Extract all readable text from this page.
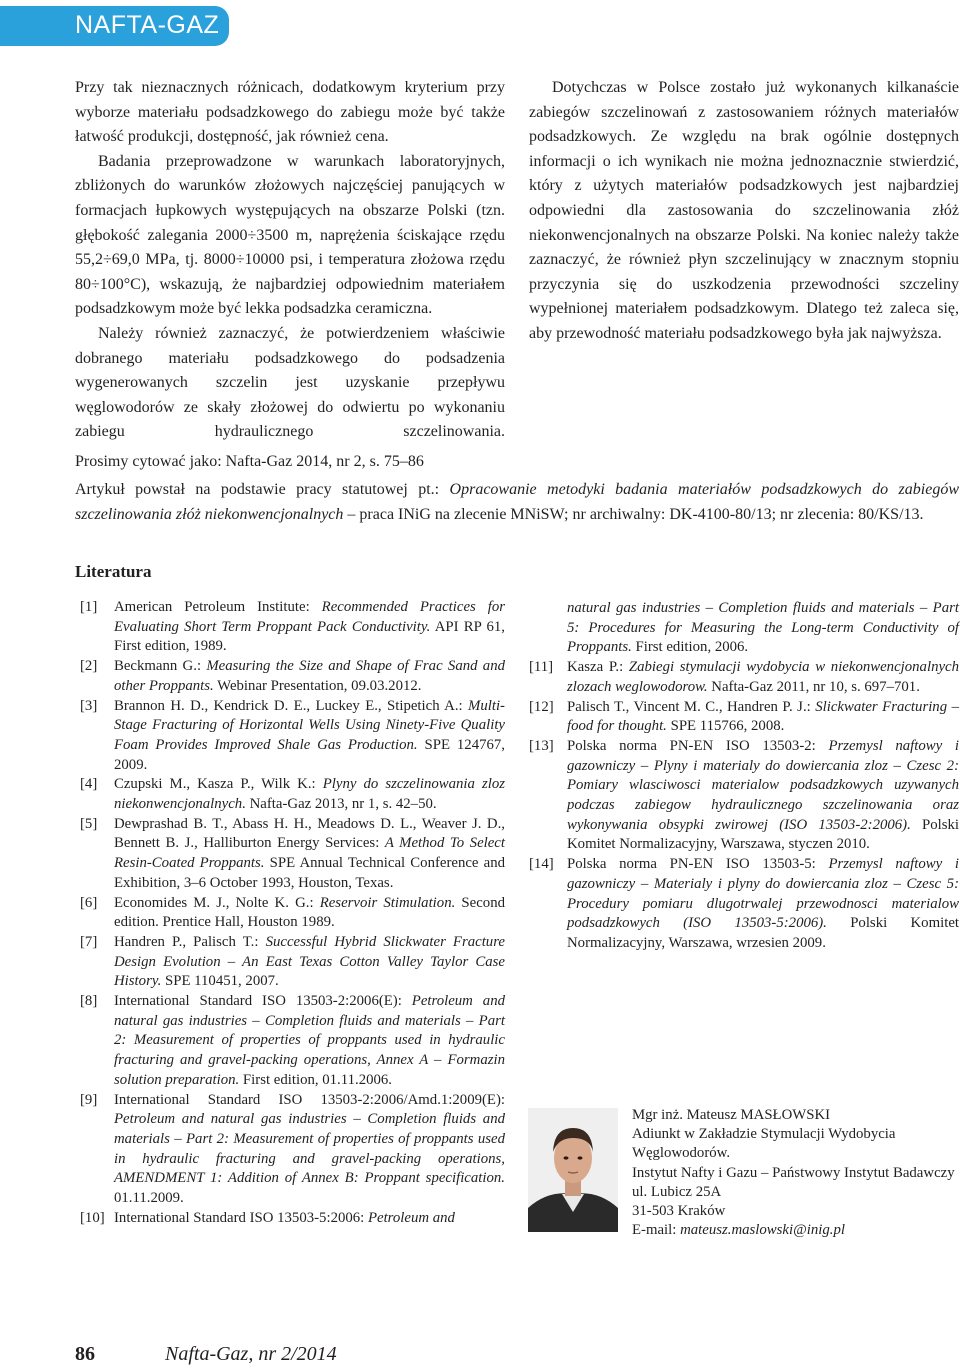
NAFTA-GAZ

Przy tak nieznacznych różnicach, dodatkowym kryterium przy wyborze materiału podsadzkowego do zabiegu może być także łatwość produkcji, dostępność, jak również cena.

Badania przeprowadzone w warunkach laboratoryjnych, zbliżonych do warunków złożowych najczęściej panujących w formacjach łupkowych występujących na obszarze Polski (tzn. głębokość zalegania 2000÷3500 m, naprężenia ściskające rzędu 55,2÷69,0 MPa, tj. 8000÷10000 psi, i temperatura złożowa rzędu 80÷100°C), wskazują, że najbardziej odpowiednim materiałem podsadzkowym może być lekka podsadzka ceramiczna.

Należy również zaznaczyć, że potwierdzeniem właściwie dobranego materiału podsadzkowego do podsadzenia wygenerowanych szczelin jest uzyskanie przepływu węglowodorów ze skały złożowej do odwiertu po wykonaniu zabiegu hydraulicznego szczelinowania.

Dotychczas w Polsce zostało już wykonanych kilkanaście zabiegów szczelinowań z zastosowaniem różnych materiałów podsadzkowych. Ze względu na brak ogólnie dostępnych informacji o ich wynikach nie można jednoznacznie stwierdzić, który z użytych materiałów podsadzkowych jest najbardziej odpowiedni dla zastosowania do szczelinowania złóż niekonwencjonalnych na obszarze Polski. Na koniec należy także zaznaczyć, że również płyn szczelinujący w znacznym stopniu przyczynia się do uszkodzenia przewodności szczeliny wypełnionej materiałem podsadzkowym. Dlatego też zaleca się, aby przewodność materiału podsadzkowego była jak najwyższa.

Prosimy cytować jako: Nafta-Gaz 2014, nr 2, s. 75–86
Artykuł powstał na podstawie pracy statutowej pt.: Opracowanie metodyki badania materiałów podsadzkowych do zabiegów szczelinowania złóż niekonwencjonalnych – praca INiG na zlecenie MNiSW; nr archiwalny: DK-4100-80/13; nr zlecenia: 80/KS/13.
Literatura
[1] American Petroleum Institute: Recommended Practices for Evaluating Short Term Proppant Pack Conductivity. API RP 61, First edition, 1989.
[2] Beckmann G.: Measuring the Size and Shape of Frac Sand and other Proppants. Webinar Presentation, 09.03.2012.
[3] Brannon H. D., Kendrick D. E., Luckey E., Stipetich A.: Multi-Stage Fracturing of Horizontal Wells Using Ninety-Five Quality Foam Provides Improved Shale Gas Production. SPE 124767, 2009.
[4] Czupski M., Kasza P., Wilk K.: Plyny do szczelinowania zloz niekonwencjonalnych. Nafta-Gaz 2013, nr 1, s. 42–50.
[5] Dewprashad B. T., Abass H. H., Meadows D. L., Weaver J. D., Bennett B. J., Halliburton Energy Services: A Method To Select Resin-Coated Proppants. SPE Annual Technical Conference and Exhibition, 3–6 October 1993, Houston, Texas.
[6] Economides M. J., Nolte K. G.: Reservoir Stimulation. Second edition. Prentice Hall, Houston 1989.
[7] Handren P., Palisch T.: Successful Hybrid Slickwater Fracture Design Evolution – An East Texas Cotton Valley Taylor Case History. SPE 110451, 2007.
[8] International Standard ISO 13503-2:2006(E): Petroleum and natural gas industries – Completion fluids and materials – Part 2: Measurement of properties of proppants used in hydraulic fracturing and gravel-packing operations, Annex A – Formazin solution preparation. First edition, 01.11.2006.
[9] International Standard ISO 13503-2:2006/Amd.1:2009(E): Petroleum and natural gas industries – Completion fluids and materials – Part 2: Measurement of properties of proppants used in hydraulic fracturing and gravel-packing operations, AMENDMENT 1: Addition of Annex B: Proppant specification. 01.11.2009.
[10] International Standard ISO 13503-5:2006: Petroleum and
natural gas industries – Completion fluids and materials – Part 5: Procedures for Measuring the Long-term Conductivity of Proppants. First edition, 2006.
[11] Kasza P.: Zabiegi stymulacji wydobycia w niekonwencjonalnych zlozach weglowodorow. Nafta-Gaz 2011, nr 10, s. 697–701.
[12] Palisch T., Vincent M. C., Handren P. J.: Slickwater Fracturing – food for thought. SPE 115766, 2008.
[13] Polska norma PN-EN ISO 13503-2: Przemysl naftowy i gazowniczy – Plyny i materialy do dowiercania zloz – Czesc 2: Pomiary wlasciwosci materialow podsadzkowych uzywanych podczas zabiegow hydraulicznego szczelinowania oraz wykonywania obsypki zwirowej (ISO 13503-2:2006). Polski Komitet Normalizacyjny, Warszawa, styczen 2010.
[14] Polska norma PN-EN ISO 13503-5: Przemysl naftowy i gazowniczy – Materialy i plyny do dowiercania zloz – Czesc 5: Procedury pomiaru dlugotrwalej przewodnosci materialow podsadzkowych (ISO 13503-5:2006). Polski Komitet Normalizacyjny, Warszawa, wrzesien 2009.
Mgr inż. Mateusz MASŁOWSKI
Adiunkt w Zakładzie Stymulacji Wydobycia Węglowodorów.
Instytut Nafty i Gazu – Państwowy Instytut Badawczy
ul. Lubicz 25A
31-503 Kraków
E-mail: mateusz.maslowski@inig.pl
86	Nafta-Gaz, nr 2/2014
